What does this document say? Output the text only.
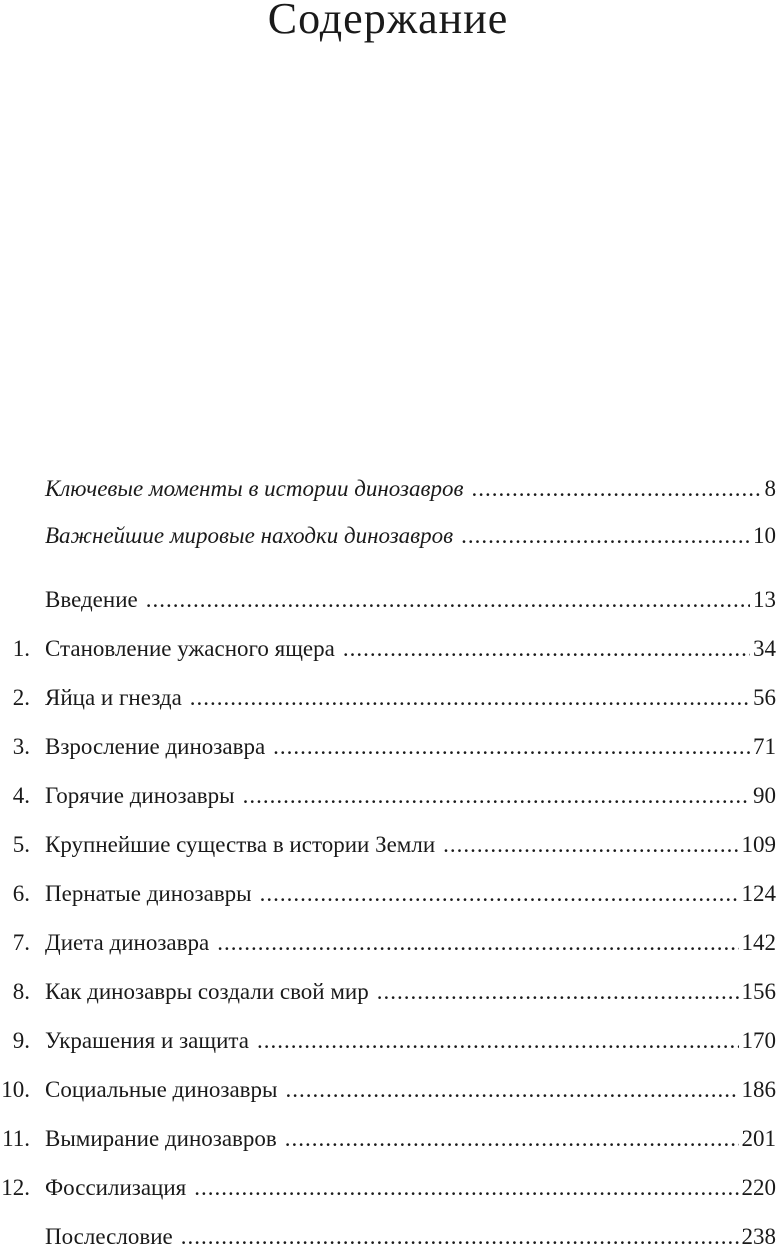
Содержание
Ключевые моменты в истории динозавров .....	8
Важнейшие мировые находки динозавров .....	10
Введение .....	13
1. Становление ужасного ящера .....	34
2. Яйца и гнезда .....	56
3. Взросление динозавра .....	71
4. Горячие динозавры .....	90
5. Крупнейшие существа в истории Земли .....	109
6. Пернатые динозавры .....	124
7. Диета динозавра .....	142
8. Как динозавры создали свой мир .....	156
9. Украшения и защита .....	170
10. Социальные динозавры .....	186
11. Вымирание динозавров .....	201
12. Фоссилизация .....	220
Послесловие .....	238
